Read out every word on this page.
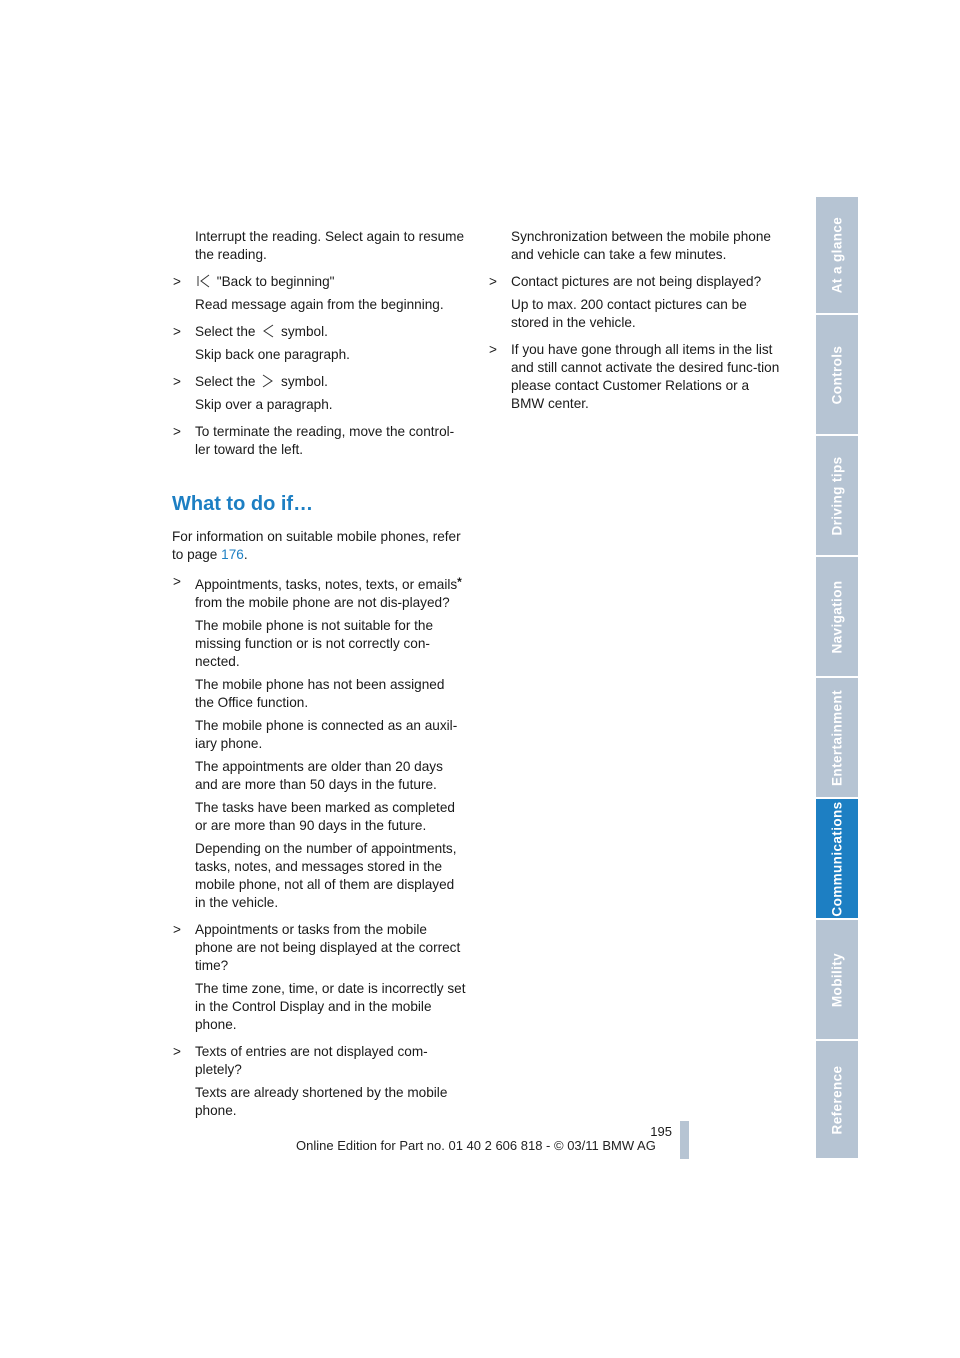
Interrupt the reading. Select again to resume the reading.

>	"Back to beginning"

Read message again from the beginning.

> Select the symbol.

Skip back one paragraph.

> Select the symbol.

Skip over a paragraph.

> To terminate the reading, move the control-ler toward the left.
What to do if…

For information on suitable mobile phones, refer to page 176.

> Appointments, tasks, notes, texts, or emails* from the mobile phone are not dis-played?

The mobile phone is not suitable for the missing function or is not correctly con-nected.

The mobile phone has not been assigned the Office function.

The mobile phone is connected as an auxil-iary phone.

The appointments are older than 20 days and are more than 50 days in the future.

The tasks have been marked as completed or are more than 90 days in the future.

Depending on the number of appointments, tasks, notes, and messages stored in the mobile phone, not all of them are displayed in the vehicle.

> Appointments or tasks from the mobile phone are not being displayed at the correct time?

The time zone, time, or date is incorrectly set in the Control Display and in the mobile phone.

> Texts of entries are not displayed com-pletely?

Texts are already shortened by the mobile phone.

Synchronization between the mobile phone and vehicle can take a few minutes.

> Contact pictures are not being displayed?

Up to max. 200 contact pictures can be stored in the vehicle.

> If you have gone through all items in the list and still cannot activate the desired func-tion please contact Customer Relations or a BMW center.
At a glance
Controls
Driving tips
Navigation
Entertainment
Communications
Mobility
Reference
195
Online Edition for Part no. 01 40 2 606 818 - © 03/11 BMW AG
